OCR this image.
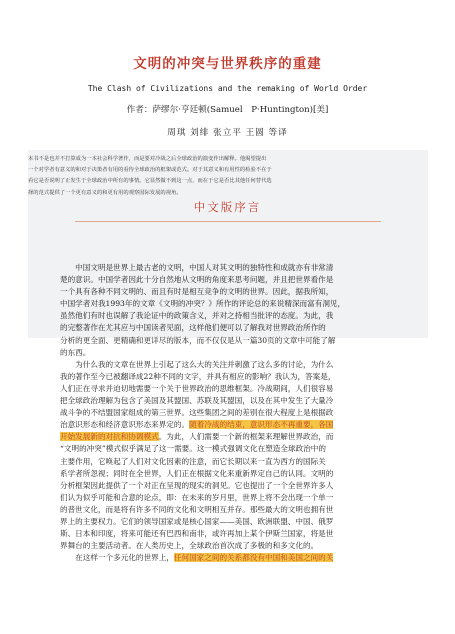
文明的冲突与世界秩序的重建
The Clash of Civilizations and the remaking of World Order
作者：萨缪尔·亨廷顿(Samuel　P·Huntington)[美]
周琪 刘绯 张立平 王圆 等译

本书不是也并不打算成为一本社会科学著作，而是要对冷战之后全球政治的演变作出解释。他渴望提出
一个对学者有意义的和对于决策者有用的看待全球政治的框架或范式。对于其意义和有用性的检验不在于
看它是否说明了正发生于全球政治中所有的事情。它显然做不到这一点，而在于它是否比其他任何替代选
择的范式提供了一个更有意义的和更有用的观察国际发展的视角。

中文版序言
　　中国文明是世界上最古老的文明，中国人对其文明的独特性和成就亦有非常清
楚的意识。中国学者因此十分自然地从文明的角度来思考问题，并且把世界看作是
一个具有各种不同文明的、而且有时是相互竞争的文明的世界。因此，据我所知，
中国学者对我1993年的文章《文明的冲突？》所作的评论总的来说精深而富有洞见，
虽然他们有时也误解了我论证中的政策含义，并对之持相当批评的态度。为此，我
的完整著作在尤其应与中国读者见面，这样他们便可以了解我对世界政治所作的
分析的更全面、更精确和更详尽的版本，而不仅仅是从一篇30页的文章中可能了解
的东西。
　　为什么我的文章在世界上引起了这么大的关注并刺激了这么多的讨论，为什么
我的著作至今已被翻译成22种不同的文字，并具有相应的影响？我认为，答案是，
人们正在寻求并迫切地需要一个关于世界政治的思维框架。冷战期间，人们很容易
把全球政治理解为包含了美国及其盟国、苏联及其盟国，以及在其中发生了大量冷
战斗争的不结盟国家组成的第三世界。这些集团之间的差别在很大程度上是根据政
治意识形态和经济意识形态来界定的。随着冷战的结束，意识形态不再重要，各国
开始发展新的对抗和协调模式。为此，人们需要一个新的框架来理解世界政治，而
“文明的冲突”模式似乎满足了这一需要。这一模式强调文化在塑造全球政治中的
主要作用，它唤起了人们对文化因素的注意，而它长期以来一直为西方的国际关
系学者所忽视；同时在全世界，人们正在根据文化来重新界定自己的认同。文明的
分析框架因此提供了一个对正在呈现的现实的洞见。它也提出了一个全世界许多人
们认为似乎可能和合意的论点，即：在未来的岁月里，世界上将不会出现一个单一
的普世文化，而是将有许多不同的文化和文明相互并存。那些最大的文明也拥有世
界上的主要权力。它们的领导国家或是核心国家——美国、欧洲联盟、中国、俄罗
斯、日本和印度，将来可能还有巴西和南非，或许再加上某个伊斯兰国家，将是世
界舞台的主要活动者。在人类历史上，全球政治首次成了多极的和多文化的。
　　在这样一个多元化的世界上，任何国家之间的关系都没有中国和美国之间的关
